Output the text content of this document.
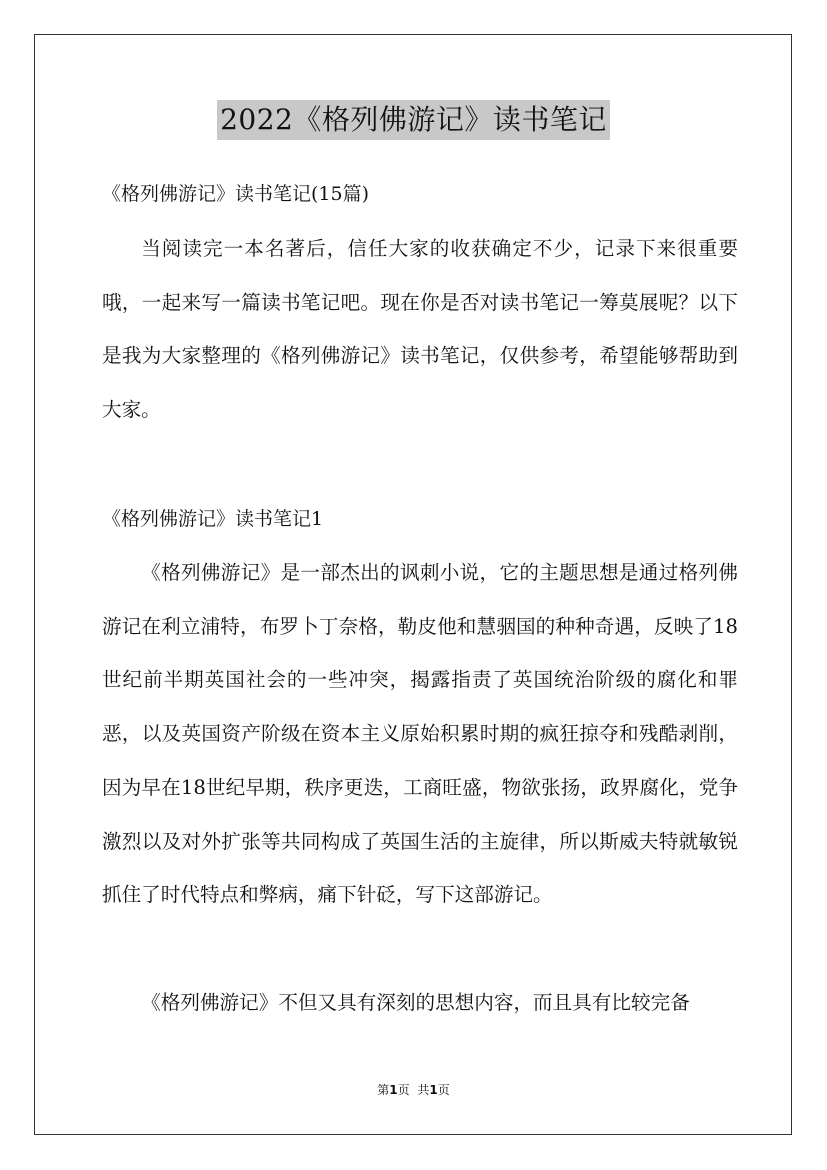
2022《格列佛游记》读书笔记
《格列佛游记》读书笔记(15篇)

当阅读完一本名著后，信任大家的收获确定不少，记录下来很重要哦，一起来写一篇读书笔记吧。现在你是否对读书笔记一筹莫展呢？以下是我为大家整理的《格列佛游记》读书笔记，仅供参考，希望能够帮助到大家。

《格列佛游记》读书笔记1

《格列佛游记》是一部杰出的讽刺小说，它的主题思想是通过格列佛游记在利立浦特，布罗卜丁奈格，勒皮他和慧骃国的种种奇遇，反映了18世纪前半期英国社会的一些冲突，揭露指责了英国统治阶级的腐化和罪恶，以及英国资产阶级在资本主义原始积累时期的疯狂掠夺和残酷剥削，因为早在18世纪早期，秩序更迭，工商旺盛，物欲张扬，政界腐化，党争激烈以及对外扩张等共同构成了英国生活的主旋律，所以斯威夫特就敏锐抓住了时代特点和弊病，痛下针砭，写下这部游记。

《格列佛游记》不但又具有深刻的思想内容，而且具有比较完备

第1页 共1页
